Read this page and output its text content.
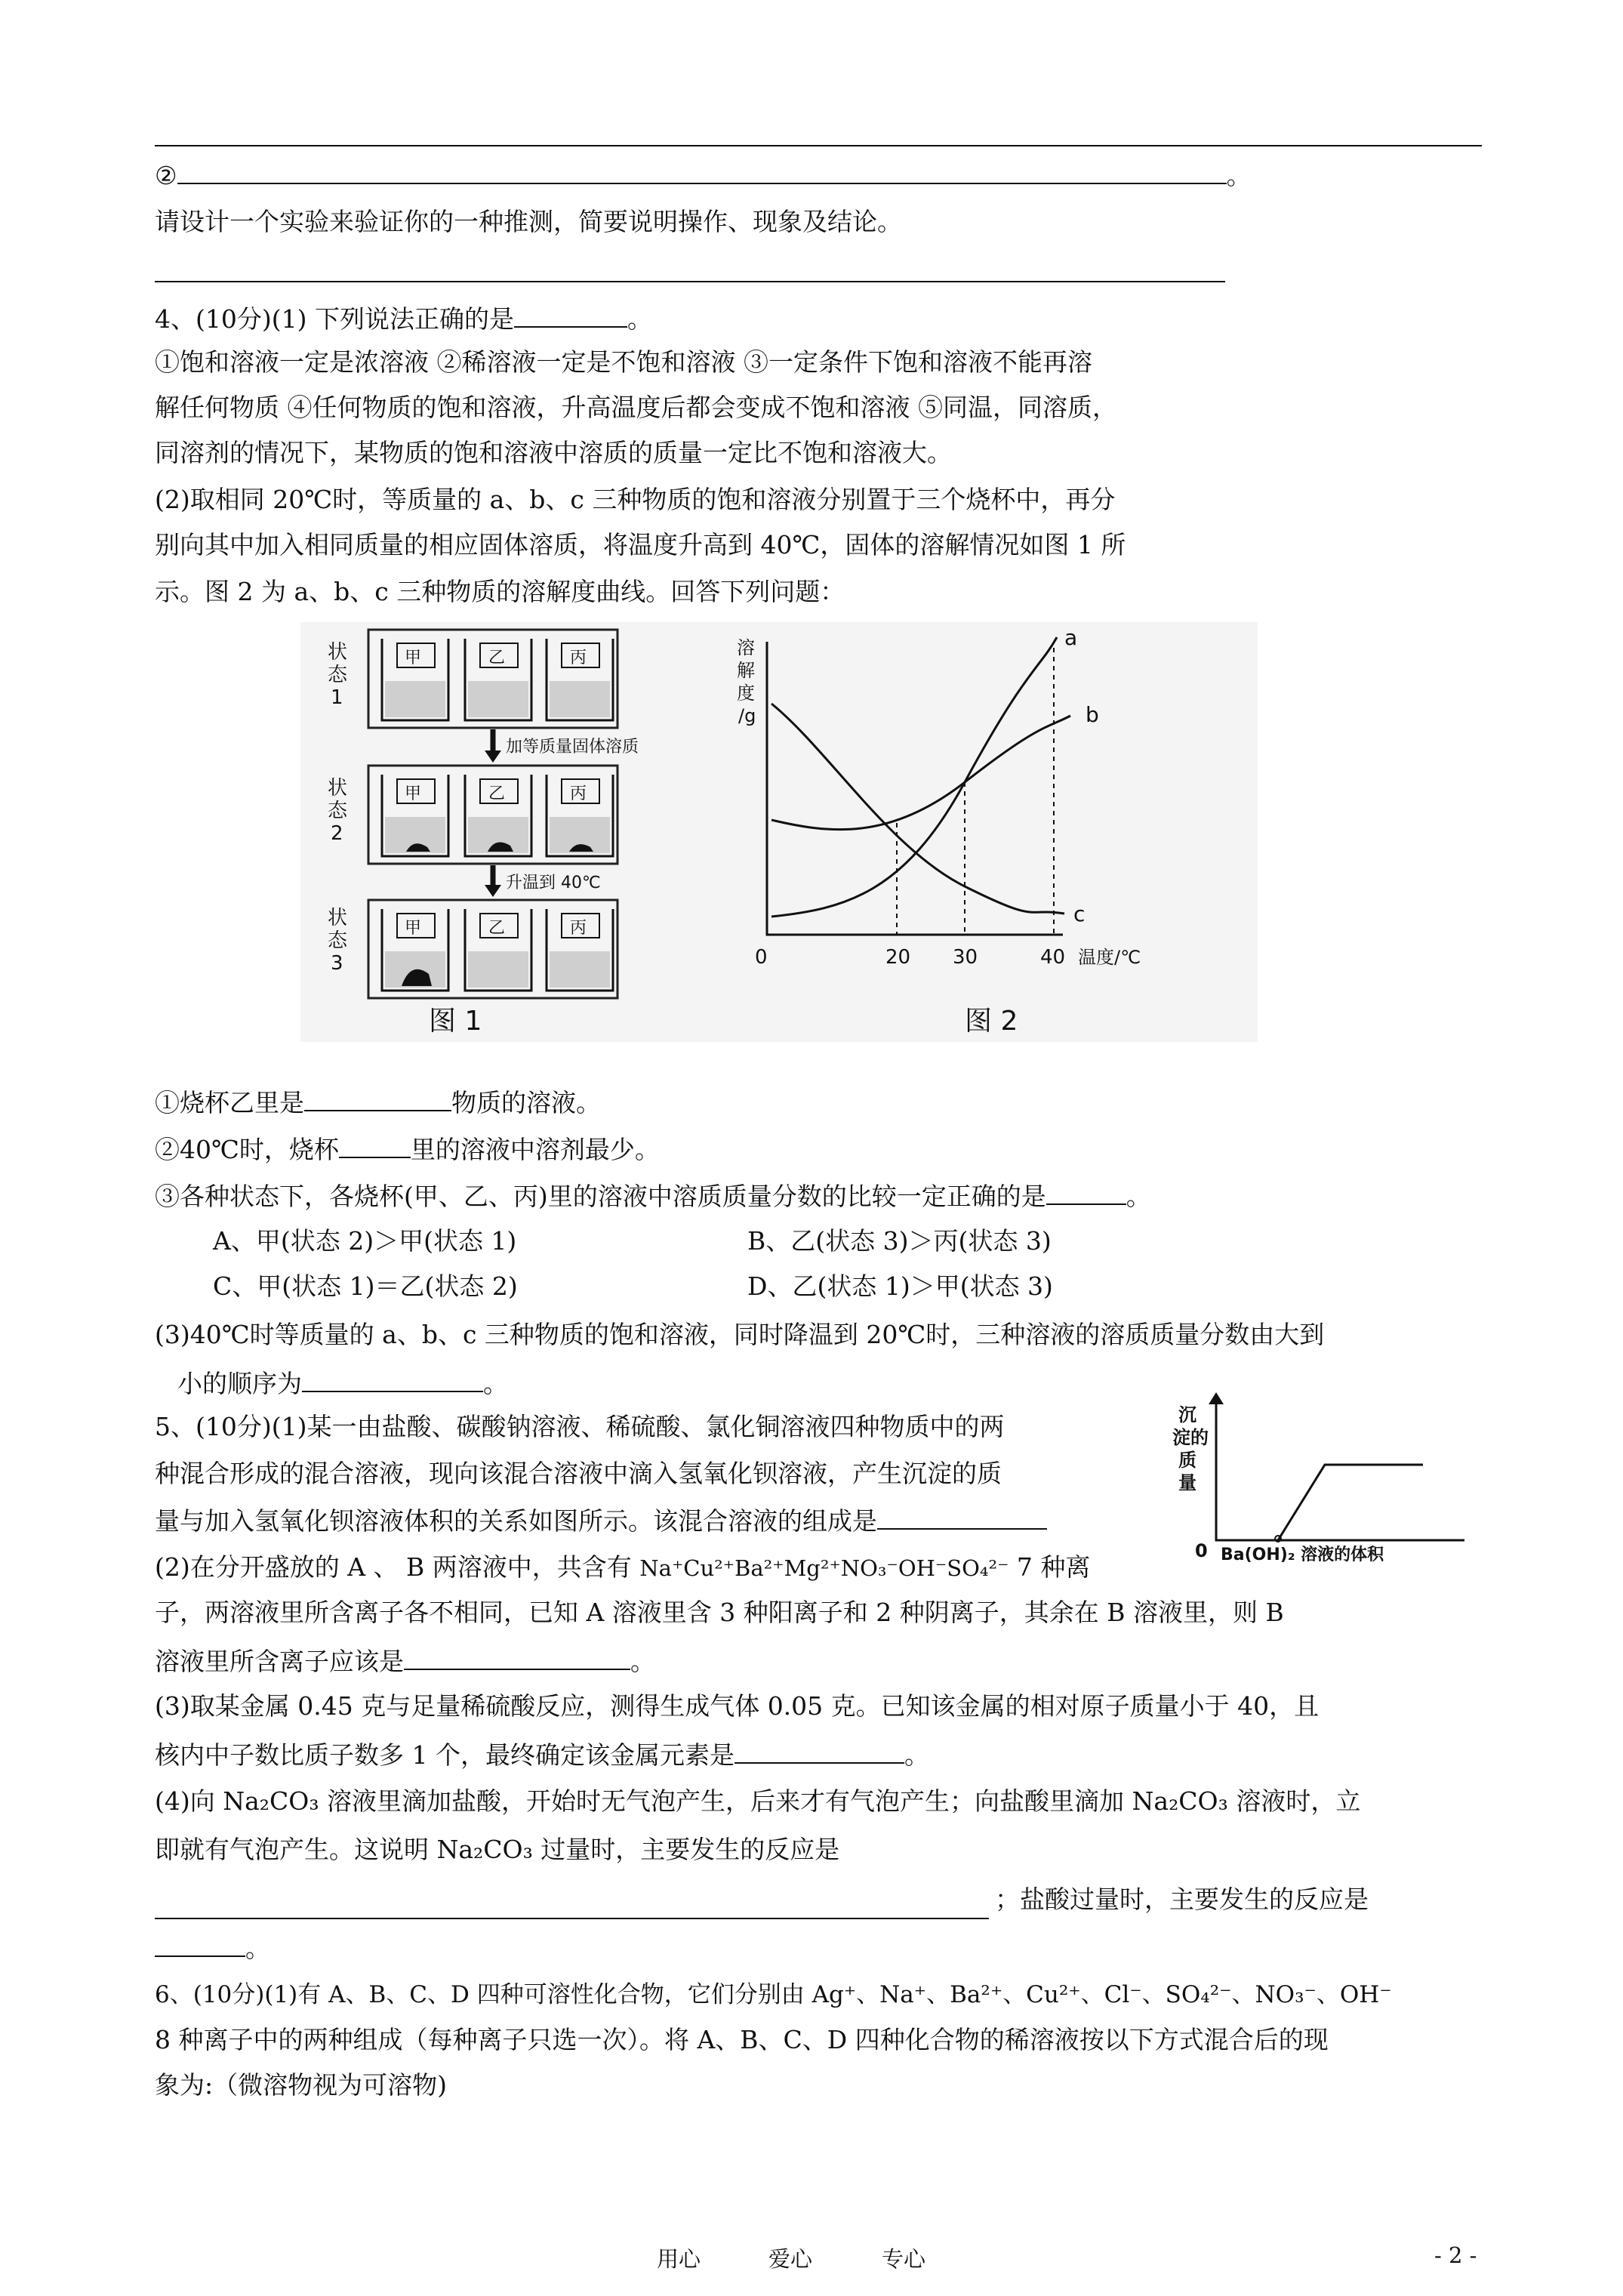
②	。
请设计一个实验来验证你的一种推测，简要说明操作、现象及结论。
4、(10分)(1) 下列说法正确的是	。
①饱和溶液一定是浓溶液 ②稀溶液一定是不饱和溶液 ③一定条件下饱和溶液不能再溶
解任何物质 ④任何物质的饱和溶液，升高温度后都会变成不饱和溶液 ⑤同温，同溶质，
同溶剂的情况下，某物质的饱和溶液中溶质的质量一定比不饱和溶液大。
(2)取相同 20℃时，等质量的 a、b、c 三种物质的饱和溶液分别置于三个烧杯中，再分
别向其中加入相同质量的相应固体溶质，将温度升高到 40℃，固体的溶解情况如图 1 所
示。图 2 为 a、b、c 三种物质的溶解度曲线。回答下列问题：
状
态
1
状
态
2
状
态
3
加等质量固体溶质
升温到 40℃
甲	乙	丙
甲	乙	丙
甲	乙	丙
图 1
溶
解
度
/g
0	20 30	40 温度/℃
a
b
c
图 2
①烧杯乙里是	物质的溶液。
②40℃时，烧杯	里的溶液中溶剂最少。
③各种状态下，各烧杯(甲、乙、丙)里的溶液中溶质质量分数的比较一定正确的是	。
A、甲(状态 2)＞甲(状态 1)	B、乙(状态 3)＞丙(状态 3)
C、甲(状态 1)＝乙(状态 2)	D、乙(状态 1)＞甲(状态 3)
(3)40℃时等质量的 a、b、c 三种物质的饱和溶液，同时降温到 20℃时，三种溶液的溶质质量分数由大到
小的顺序为	。
5、(10分)(1)某一由盐酸、碳酸钠溶液、稀硫酸、氯化铜溶液四种物质中的两
种混合形成的混合溶液，现向该混合溶液中滴入氢氧化钡溶液，产生沉淀的质
量与加入氢氧化钡溶液体积的关系如图所示。该混合溶液的组成是
沉
淀的
质
量
0 Ba(OH)₂ 溶液的体积
(2)在分开盛放的 A 、 B 两溶液中，共含有 Na⁺Cu²⁺Ba²⁺Mg²⁺NO₃⁻OH⁻SO₄²⁻ 7 种离
子，两溶液里所含离子各不相同，已知 A 溶液里含 3 种阳离子和 2 种阴离子，其余在 B 溶液里，则 B
溶液里所含离子应该是	。
(3)取某金属 0.45 克与足量稀硫酸反应，测得生成气体 0.05 克。已知该金属的相对原子质量小于 40，且
核内中子数比质子数多 1 个，最终确定该金属元素是	。
(4)向 Na₂CO₃ 溶液里滴加盐酸，开始时无气泡产生，后来才有气泡产生；向盐酸里滴加 Na₂CO₃ 溶液时，立
即就有气泡产生。这说明 Na₂CO₃ 过量时，主要发生的反应是
；盐酸过量时，主要发生的反应是
。
6、(10分)(1)有 A、B、C、D 四种可溶性化合物，它们分别由 Ag⁺、Na⁺、Ba²⁺、Cu²⁺、Cl⁻、SO₄²⁻、NO₃⁻、OH⁻
8 种离子中的两种组成（每种离子只选一次）。将 A、B、C、D 四种化合物的稀溶液按以下方式混合后的现
象为:（微溶物视为可溶物)
用心	爱心	专心	- 2 -
